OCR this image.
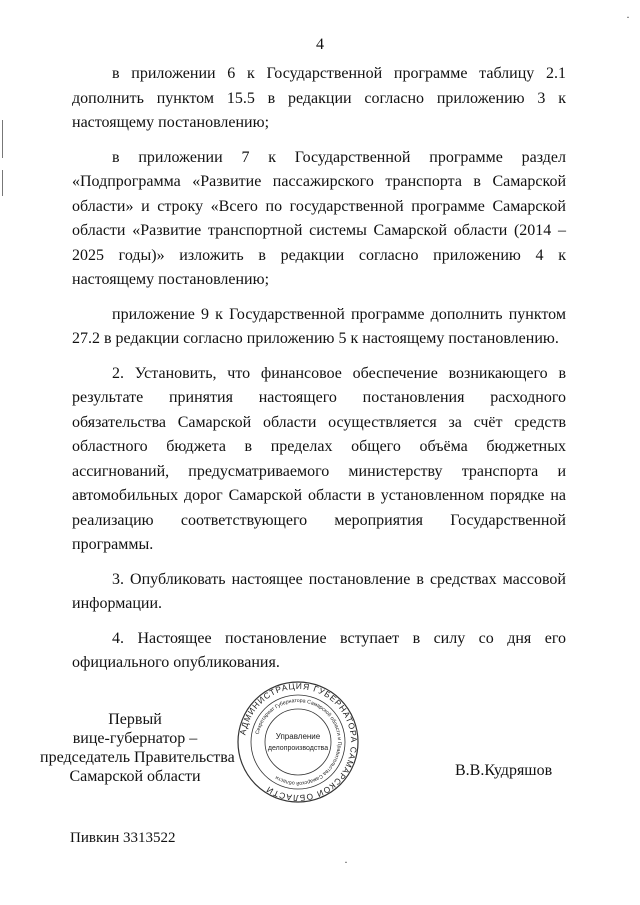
4
·
·

в приложении 6 к Государственной программе таблицу 2.1 дополнить пунктом 15.5 в редакции согласно приложению 3 к настоящему постановлению;

в приложении 7 к Государственной программе раздел «Подпрограмма «Развитие пассажирского транспорта в Самарской области» и строку «Всего по государственной программе Самарской области «Развитие транспортной системы Самарской области (2014 – 2025 годы)» изложить в редакции согласно приложению 4 к настоящему постановлению;

приложение 9 к Государственной программе дополнить пунктом 27.2 в редакции согласно приложению 5 к настоящему постановлению.

2. Установить, что финансовое обеспечение возникающего в результате принятия настоящего постановления расходного обязательства Самарской области осуществляется за счёт средств областного бюджета в пределах общего объёма бюджетных ассигнований, предусматриваемого министерству транспорта и автомобильных дорог Самарской области в установленном порядке на реализацию соответствующего мероприятия Государственной программы.

3. Опубликовать настоящее постановление в средствах массовой информации.

4. Настоящее постановление вступает в силу со дня его официального опубликования.

Первый
вице-губернатор –
председатель Правительства
Самарской области
АДМИНИСТРАЦИЯ ГУБЕРНАТОРА САМАРСКОЙ ОБЛАСТИ
Секретариат Губернатора Самарской области и Правительства Самарской области
Управление
делопроизводства
В.В.Кудряшов
Пивкин 3313522
